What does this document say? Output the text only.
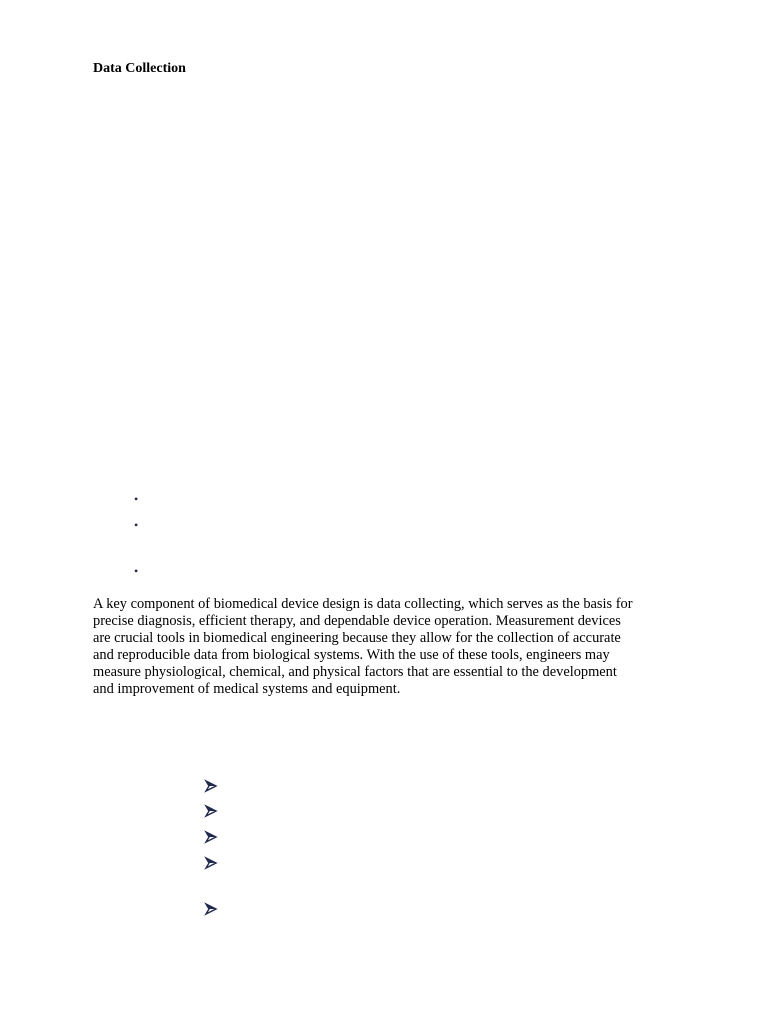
Data Collection
•
•
•

A key component of biomedical device design is data collecting, which serves as the basis for
precise diagnosis, efficient therapy, and dependable device operation. Measurement devices
are crucial tools in biomedical engineering because they allow for the collection of accurate
and reproducible data from biological systems. With the use of these tools, engineers may
measure physiological, chemical, and physical factors that are essential to the development
and improvement of medical systems and equipment.
